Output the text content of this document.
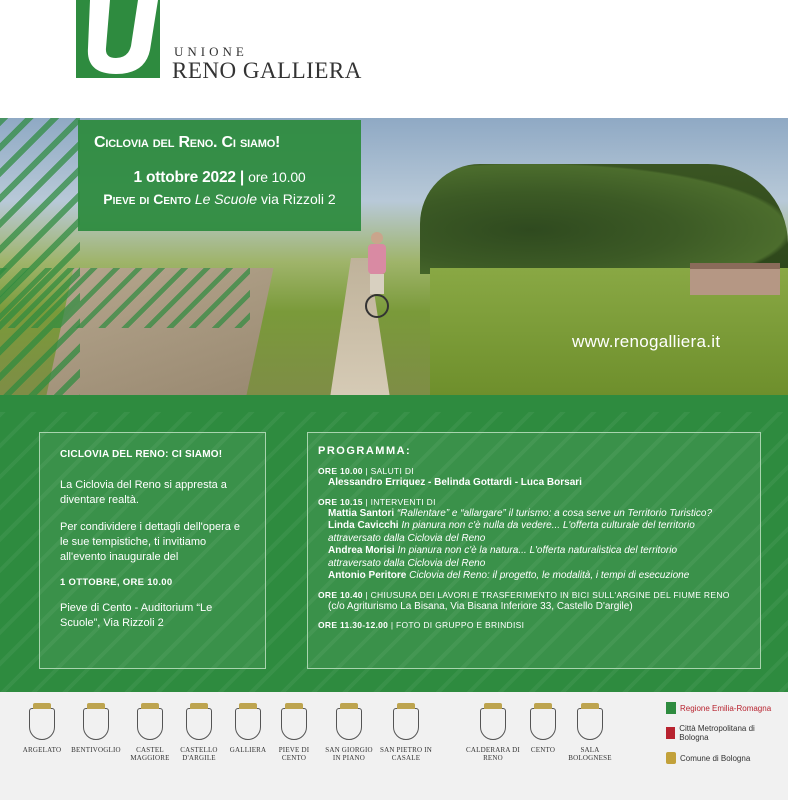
UNIONE
RENO GALLIERA
Ciclovia del Reno. Ci siamo!
1 ottobre 2022 | ore 10.00
Pieve di Cento Le Scuole via Rizzoli 2
www.renogalliera.it
CICLOVIA DEL RENO: CI SIAMO!
La Ciclovia del Reno si appresta a diventare realtà.
Per condividere i dettagli dell'opera e le sue tempistiche, ti invitiamo all'evento inaugurale del
1 OTTOBRE, ORE 10.00
Pieve di Cento - Auditorium “Le Scuole”, Via Rizzoli 2
PROGRAMMA:
ORE 10.00 | SALUTI DI
Alessandro Erriquez - Belinda Gottardi - Luca Borsari
ORE 10.15 | INTERVENTI DI
Mattia Santori “Rallentare” e “allargare” il turismo: a cosa serve un Territorio Turistico?
Linda Cavicchi In pianura non c'è nulla da vedere... L'offerta culturale del territorio
attraversato dalla Ciclovia del Reno
Andrea Morisi In pianura non c'è la natura... L'offerta naturalistica del territorio
attraversato dalla Ciclovia del Reno
Antonio Peritore Ciclovia del Reno: il progetto, le modalità, i tempi di esecuzione
ORE 10.40 | CHIUSURA DEI LAVORI E TRASFERIMENTO IN BICI SULL'ARGINE DEL FIUME RENO
(c/o Agriturismo La Bisana, Via Bisana Inferiore 33, Castello D'argile)
ORE 11.30-12.00 | FOTO DI GRUPPO E BRINDISI
ARGELATO	BENTIVOGLIO	CASTEL MAGGIORE
CASTELLO D'ARGILE
GALLIERA	PIEVE DI CENTO
SAN GIORGIO IN PIANO
SAN PIETRO IN CASALE
CALDERARA DI RENO
CENTO	SALA BOLOGNESE
Regione Emilia-Romagna
Città Metropolitana di Bologna
Comune di Bologna
